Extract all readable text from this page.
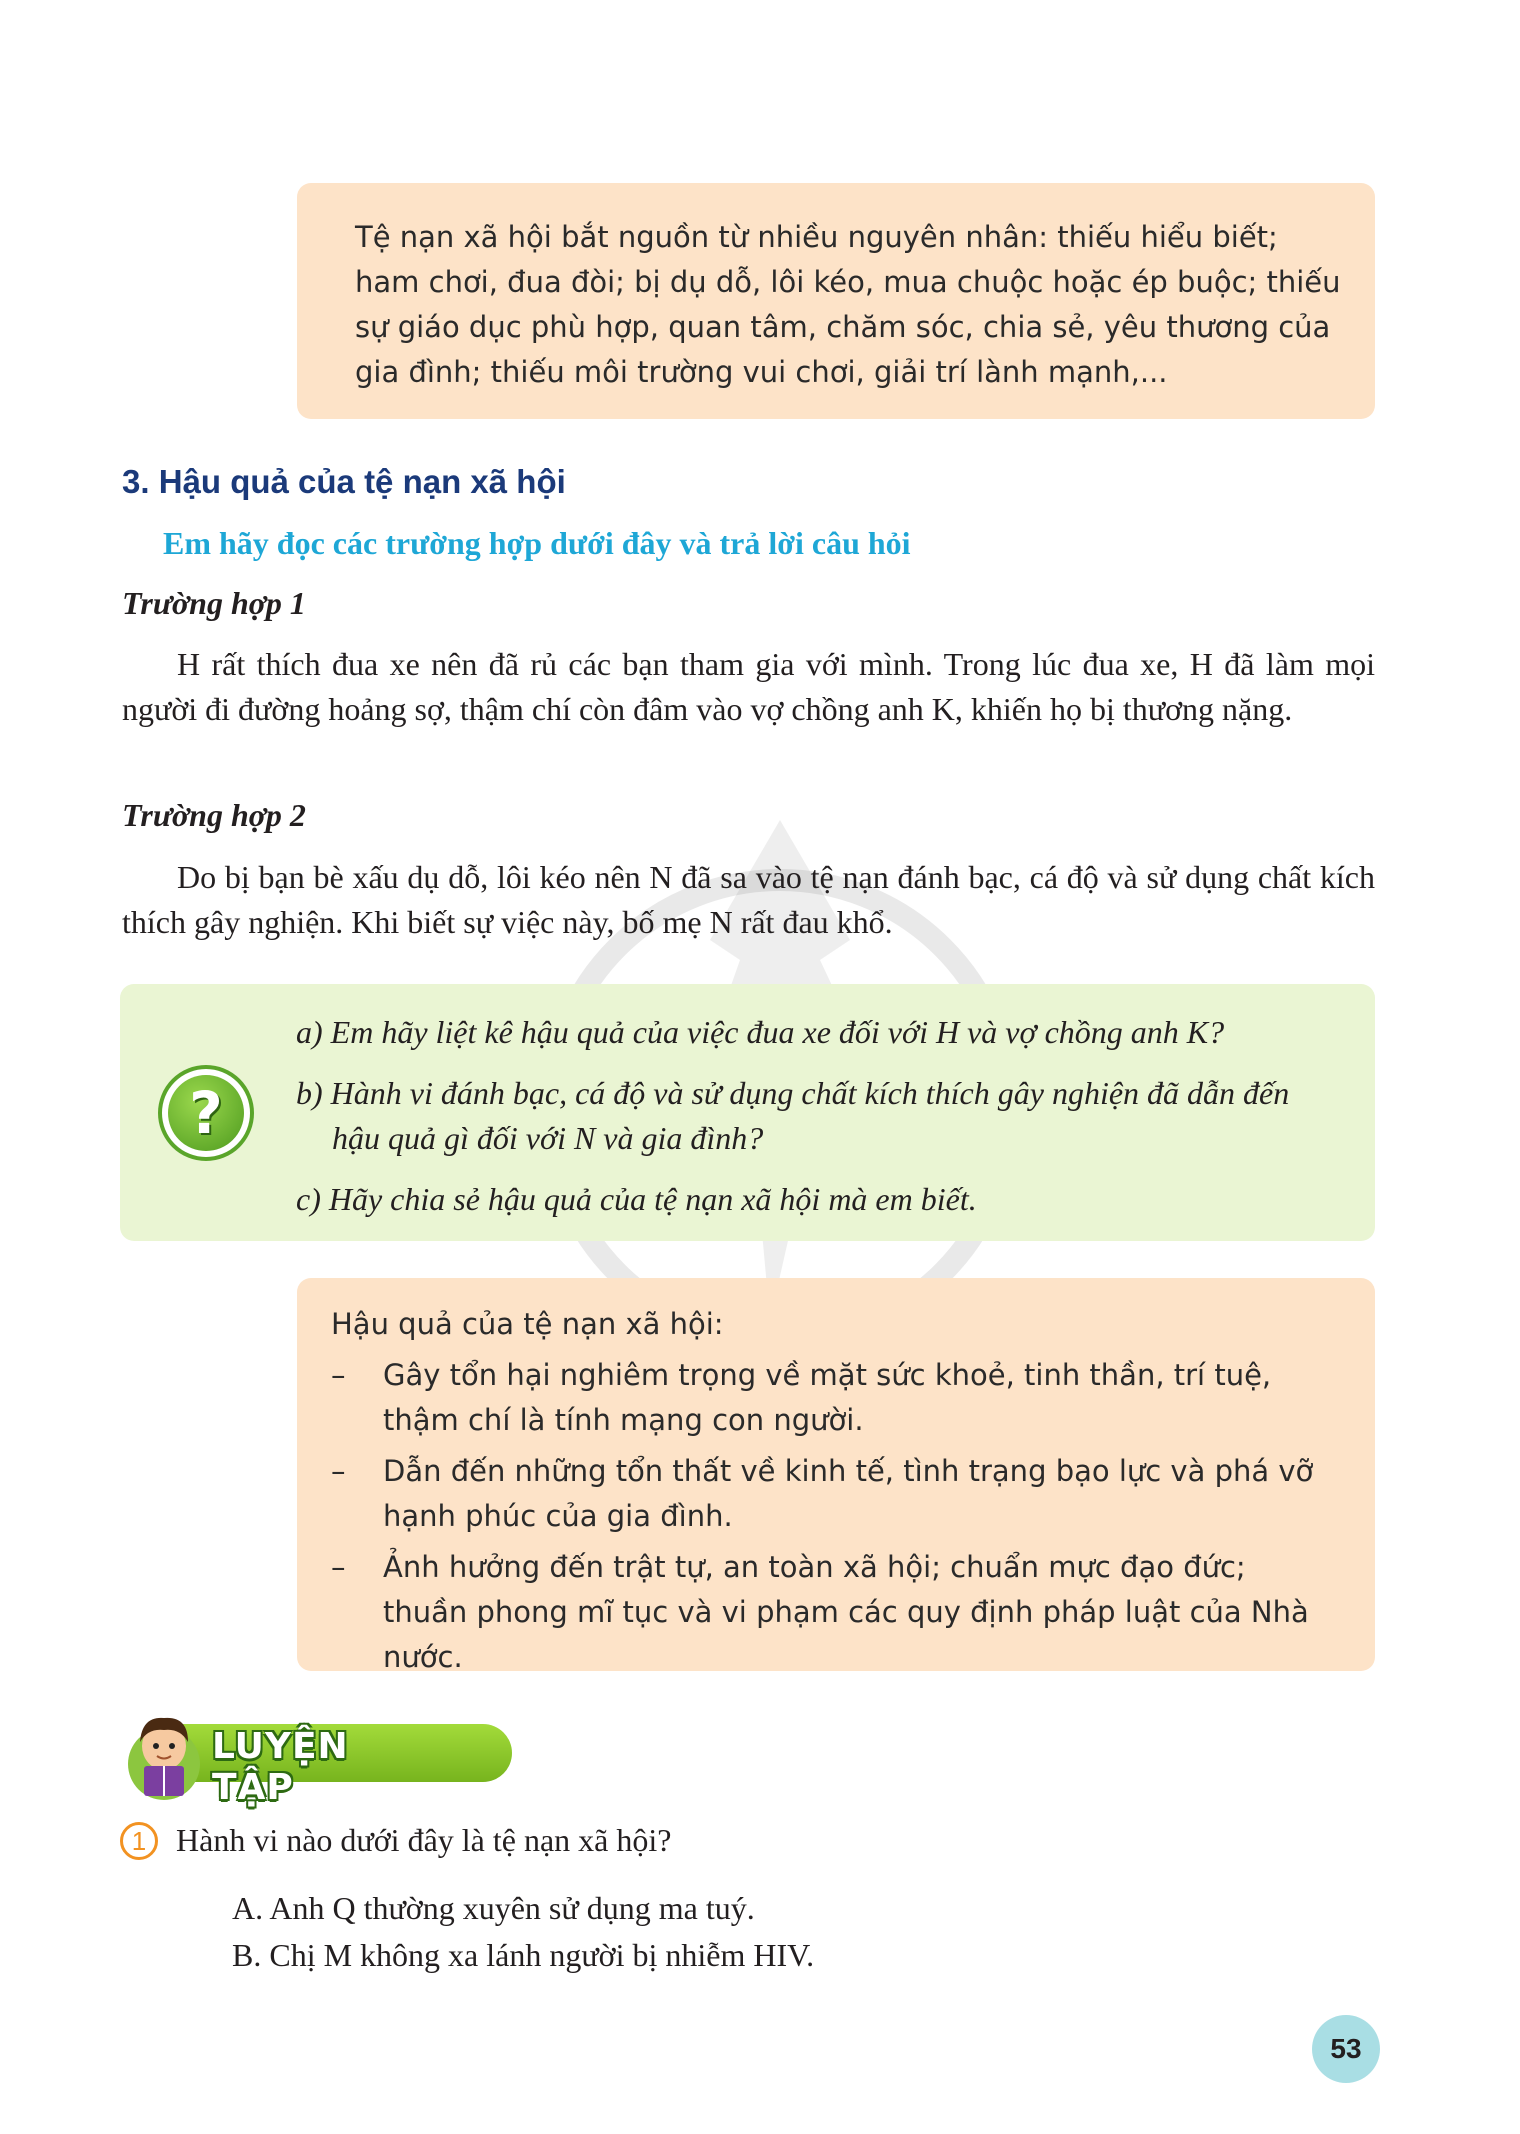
Tệ nạn xã hội bắt nguồn từ nhiều nguyên nhân: thiếu hiểu biết; ham chơi, đua đòi; bị dụ dỗ, lôi kéo, mua chuộc hoặc ép buộc; thiếu sự giáo dục phù hợp, quan tâm, chăm sóc, chia sẻ, yêu thương của gia đình; thiếu môi trường vui chơi, giải trí lành mạnh,...
3. Hậu quả của tệ nạn xã hội
Em hãy đọc các trường hợp dưới đây và trả lời câu hỏi
Trường hợp 1

H rất thích đua xe nên đã rủ các bạn tham gia với mình. Trong lúc đua xe, H đã làm mọi người đi đường hoảng sợ, thậm chí còn đâm vào vợ chồng anh K, khiến họ bị thương nặng.

Trường hợp 2

Do bị bạn bè xấu dụ dỗ, lôi kéo nên N đã sa vào tệ nạn đánh bạc, cá độ và sử dụng chất kích thích gây nghiện. Khi biết sự việc này, bố mẹ N rất đau khổ.

a) Em hãy liệt kê hậu quả của việc đua xe đối với H và vợ chồng anh K?
b) Hành vi đánh bạc, cá độ và sử dụng chất kích thích gây nghiện đã dẫn đến hậu quả gì đối với N và gia đình?
c) Hãy chia sẻ hậu quả của tệ nạn xã hội mà em biết.
?
Hậu quả của tệ nạn xã hội:
– Gây tổn hại nghiêm trọng về mặt sức khoẻ, tinh thần, trí tuệ, thậm chí là tính mạng con người.
– Dẫn đến những tổn thất về kinh tế, tình trạng bạo lực và phá vỡ hạnh phúc của gia đình.
– Ảnh hưởng đến trật tự, an toàn xã hội; chuẩn mực đạo đức; thuần phong mĩ tục và vi phạm các quy định pháp luật của Nhà nước.
LUYỆN TẬP
1 Hành vi nào dưới đây là tệ nạn xã hội?
A. Anh Q thường xuyên sử dụng ma tuý.
B. Chị M không xa lánh người bị nhiễm HIV.
53
